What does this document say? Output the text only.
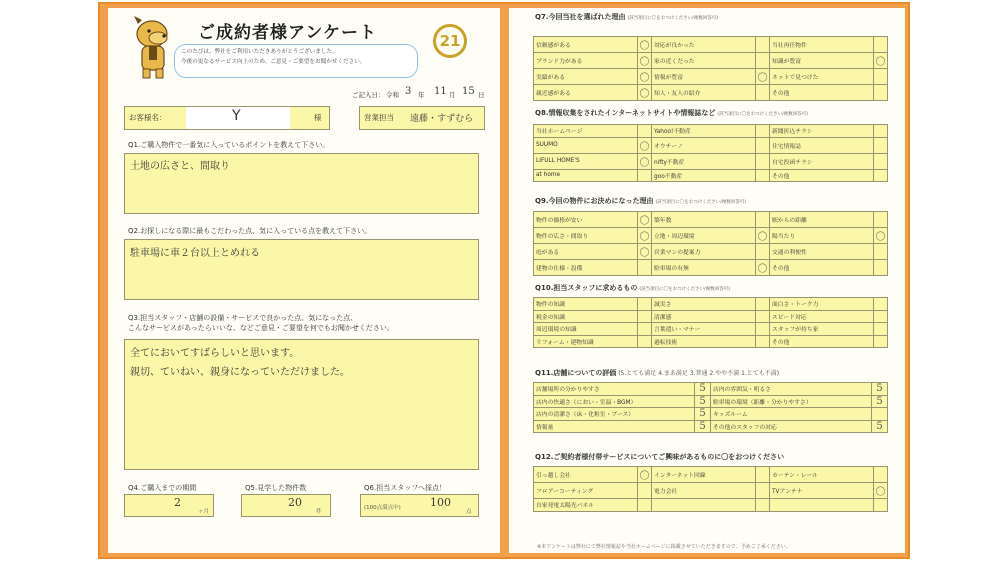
ご成約者様アンケート
このたびは、弊社をご利用いただきありがとうございました。
今後の更なるサービス向上のため、ご意見・ご要望をお聞かせください。
21
ご記入日： 令和 3 年 11 月 15 日
お客様名：	Y	様	営業担当 遠藤・すずむら
Q1.ご購入物件で一番気に入っているポイントを教えて下さい。
土地の広さと、間取り
Q2.お探しになる際に最もこだわった点、気に入っている点を教えて下さい。
駐車場に車２台以上とめれる
Q3.担当スタッフ・店舗の設備・サービスで良かった点、気になった点、
こんなサービスがあったらいいな、などご意見・ご要望を何でもお聞かせください。
全てにおいてすばらしいと思います。
親切、ていねい、親身になっていただけました。
Q4.ご購入までの期間
2
ヶ月
Q5.見学した物件数
20
件
Q6.担当スタッフへ採点！
(100点満点中)	100
点
Q7.今回当社を選ばれた理由 (該当項目に〇をおつけください/複数回答可)
信頼感がある	〇	対応が良かった		当社再任物件	
ブランド力がある	〇	家の近くだった		知識が豊富	〇
実績がある	〇	情報が豊富	〇	ネットで見つけた	
親近感がある	〇	知人・友人の紹介		その他	
Q8.情報収集をされたインターネットサイトや情報誌など (該当項目に〇をおつけください/複数回答可)
当社ホームページ		Yahoo!不動産		新聞折込チラシ	
SUUMO	〇	オウチーノ		住宅情報誌	
LIFULL HOME'S	〇	nifty不動産		自宅投函チラシ	
at home		goo不動産		その他	
Q9.今回の物件にお決めになった理由 (該当項目に〇をおつけください/複数回答可)
物件の価格が安い	〇	築年数		駅からの距離	
物件の広さ・間取り	〇	立地・周辺環境	〇	陽当たり	〇
庭がある	〇	営業マンの提案力		交通の利便性	
建物の仕様・設備		駐車場の有無	〇	その他	
Q10.担当スタッフに求めるもの (該当項目に〇をおつけください/複数回答可)
物件の知識		誠実さ		面白さ・トーク力	
税金の知識		清潔感		スピード対応	
周辺環境の知識		言葉遣い・マナー		スタッフが持ち家	
リフォーム・建物知識		過転技術		その他	
Q11.店舗についての評価 (5.とても満足 4.まあ満足 3.普通 2.やや不満 1.とても不満)
店舗場所の分かりやすさ	5	店内の雰囲気・明るさ	5
店内の快適さ（におい・室温・BGM）	5	駐車場の環境（距離・分かりやすさ）	5
店内の清潔さ（床・化粧室・ブース）	5	キッズルーム	
情報量	5	その他のスタッフの対応	5
Q12.ご契約者様付帯サービスについてご興味があるものに〇をおつけください
引っ越し会社	〇	インターネット回線		カーテン・レール	
フロアーコーティング		電力会社		TVアンテナ	〇
自家発電太陽光パネル					
※本アンケートは弊社にて弊社情報誌や当社ホームページに掲載させていただきますので、予めご了承ください。
